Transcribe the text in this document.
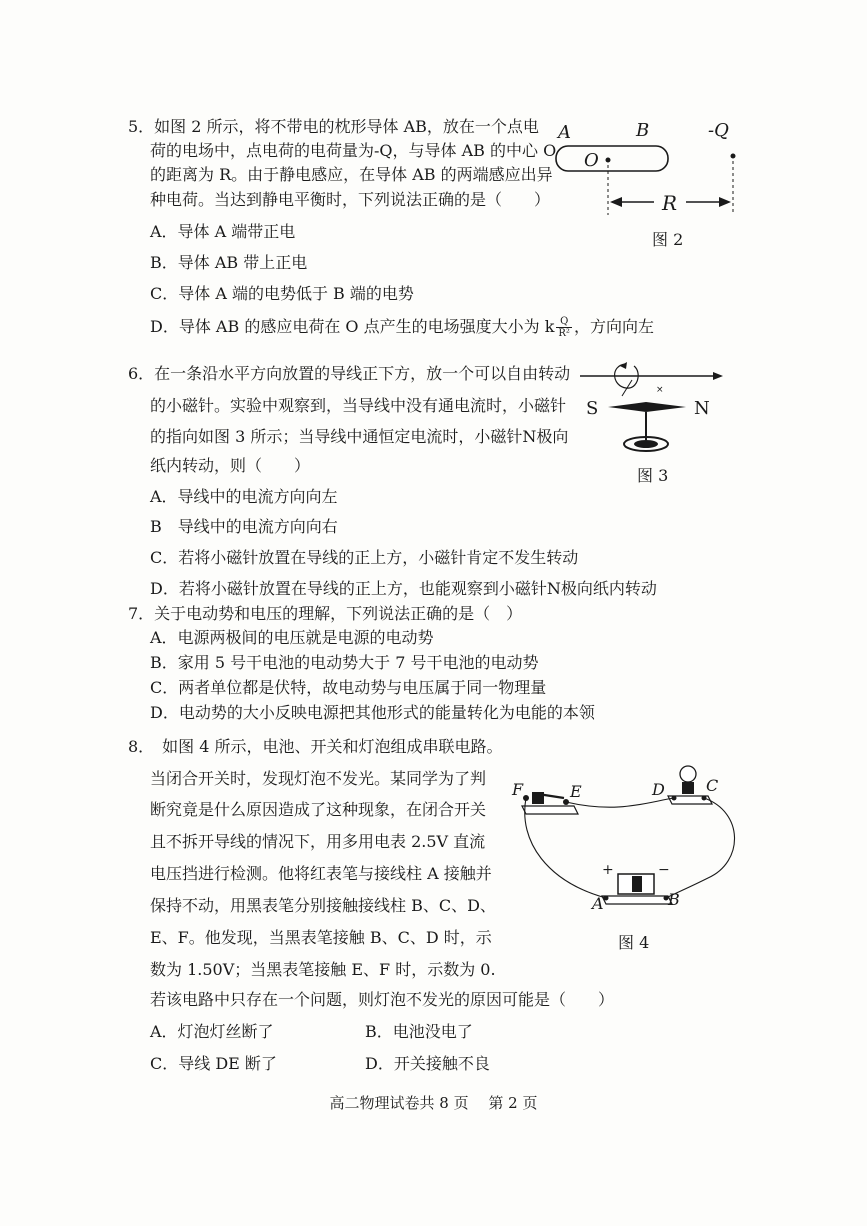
5．如图 2 所示，将不带电的枕形导体 AB，放在一个点电
荷的电场中，点电荷的电荷量为-Q，与导体 AB 的中心 O
的距离为 R。由于静电感应，在导体 AB 的两端感应出异
种电荷。当达到静电平衡时，下列说法正确的是（　　）
A．导体 A 端带正电
B．导体 AB 带上正电
C．导体 A 端的电势低于 B 端的电势
D．导体 AB 的感应电荷在 O 点产生的电场强度大小为 k $\frac{Q}{\text{R²}}$ ，方向向左
A	B	-Q
O
R
图 2
6．在一条沿水平方向放置的导线正下方，放一个可以自由转动
的小磁针。实验中观察到，当导线中没有通电流时，小磁针
的指向如图 3 所示；当导线中通恒定电流时，小磁针N极向
纸内转动，则（　　）
A．导线中的电流方向向左
B　导线中的电流方向向右
C．若将小磁针放置在导线的正上方，小磁针肯定不发生转动
D．若将小磁针放置在导线的正上方，也能观察到小磁针N极向纸内转动
×
S	N
图 3
7．关于电动势和电压的理解，下列说法正确的是（　）
A．电源两极间的电压就是电源的电动势
B．家用 5 号干电池的电动势大于 7 号干电池的电动势
C．两者单位都是伏特，故电动势与电压属于同一物理量
D．电动势的大小反映电源把其他形式的能量转化为电能的本领
8．　如图 4 所示，电池、开关和灯泡组成串联电路。
当闭合开关时，发现灯泡不发光。某同学为了判
断究竟是什么原因造成了这种现象，在闭合开关
且不拆开导线的情况下，用多用电表 2.5V 直流
电压挡进行检测。他将红表笔与接线柱 A 接触并
保持不动，用黑表笔分别接触接线柱 B、C、D、
E、F。他发现，当黑表笔接触 B、C、D 时，示
数为 1.50V；当黑表笔接触 E、F 时，示数为 0.
若该电路中只存在一个问题，则灯泡不发光的原因可能是（　　）
A．灯泡灯丝断了	B．电池没电了
C．导线 DE 断了	D．开关接触不良
F	E	D	C
+	−
A	B
图 4
高二物理试卷共 8 页　 第 2 页
